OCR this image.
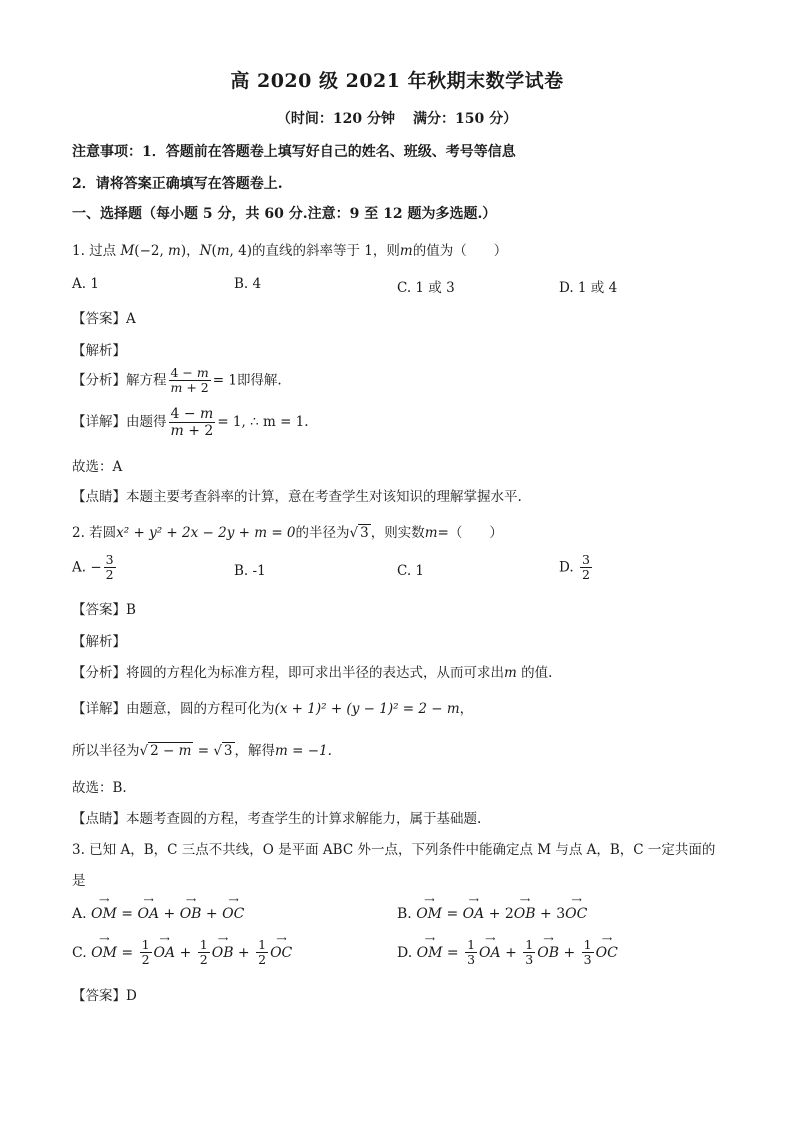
高 2020 级 2021 年秋期末数学试卷
（时间：120 分钟 满分：150 分）
注意事项：1．答题前在答题卷上填写好自己的姓名、班级、考号等信息
2．请将答案正确填写在答题卷上.
一、选择题（每小题 5 分，共 60 分.注意：9 至 12 题为多选题.）
1. 过点 M(−2, m)，N(m, 4)的直线的斜率等于 1，则m的值为（　　）
A. 1	B. 4	C. 1 或 3	D. 1 或 4
【答案】A
【解析】
【分析】解方程 $\frac{4 - m}{m + 2} = 1$即得解.
【详解】由题得 $\frac{4 - m}{m + 2} = 1$, ∴ m = 1.
故选：A
【点睛】本题主要考查斜率的计算，意在考查学生对该知识的理解掌握水平.
2. 若圆x² + y² + 2x − 2y + m = 0的半径为√ 3 ，则实数m=（　　）
A. − $\frac{3}{2}$	B. -1	C. 1	D. $\frac{3}{2}$
【答案】B
【解析】
【分析】将圆的方程化为标准方程，即可求出半径的表达式，从而可求出m 的值.
【详解】由题意，圆的方程可化为(x + 1)² + (y − 1)² = 2 − m，
所以半径为√ 2 − m = √ 3 ，解得m = −1.
故选：B.
【点睛】本题考查圆的方程，考查学生的计算求解能力，属于基础题.
3. 已知 A，B，C 三点不共线，O 是平面 ABC 外一点，下列条件中能确定点 M 与点 A，B，C 一定共面的
是
A.
⟶
OM =
⟶
OA +
⟶
OB +
⟶
OC	B.
⟶
OM =
⟶
OA + 2
⟶
OB + 3
⟶
OC
C.
⟶
OM = $\frac{1}{2}$	⟶
OA + $\frac{1}{2}$	⟶
OB + $\frac{1}{2}$	⟶
OC	D.
⟶
OM = $\frac{1}{3}$	⟶
OA + $\frac{1}{3}$	⟶
OB + $\frac{1}{3}$	⟶
OC
【答案】D
